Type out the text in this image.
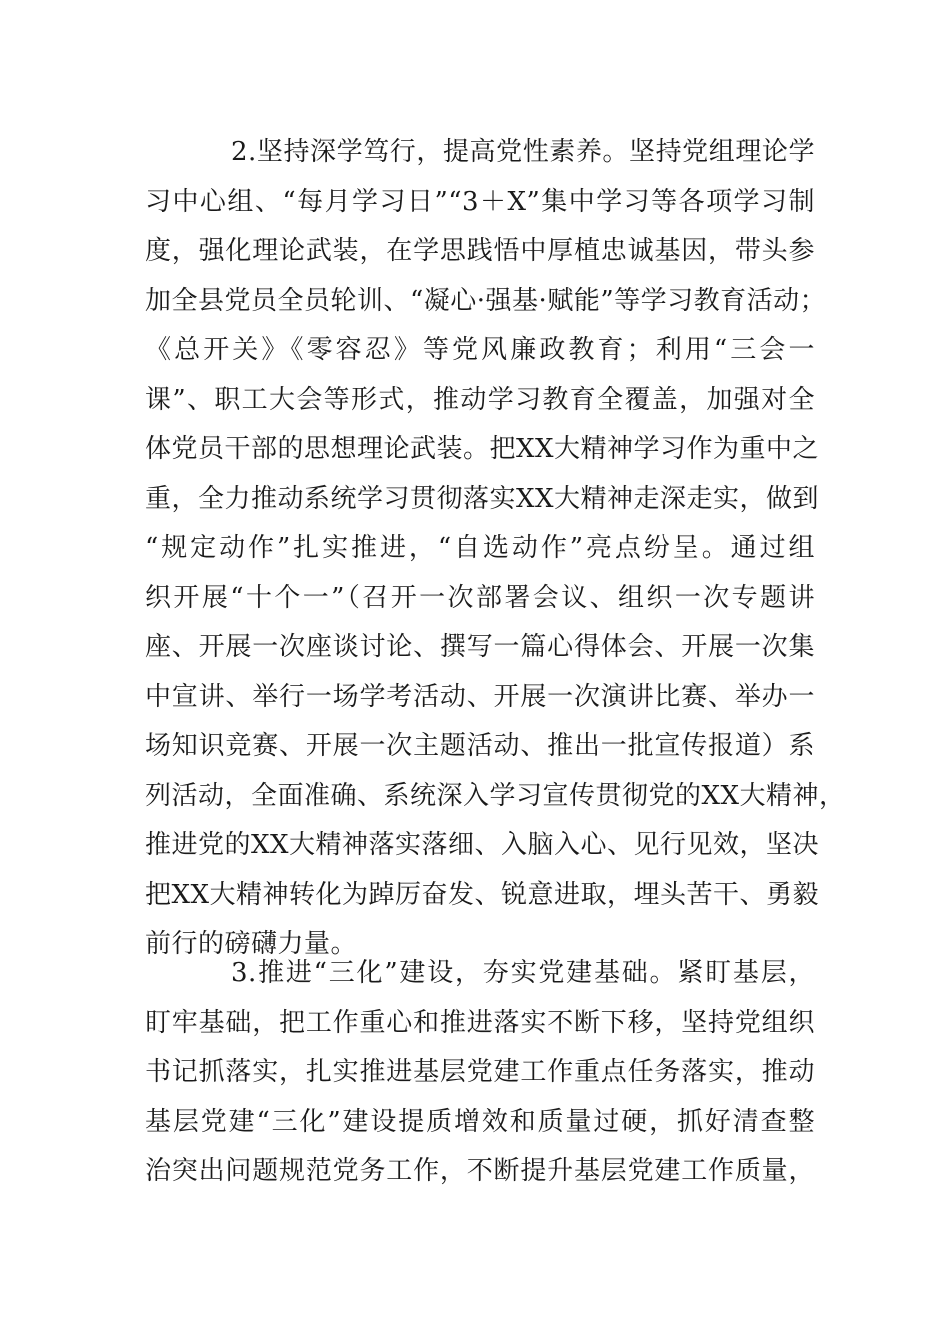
2.坚持深学笃行，提高党性素养。坚持党组理论学
习中心组、“每月学习日”“3＋X”集中学习等各项学习制
度，强化理论武装，在学思践悟中厚植忠诚基因，带头参
加全县党员全员轮训、“凝心·强基·赋能”等学习教育活动；
《总开关》《零容忍》等党风廉政教育；利用“三会一
课”、职工大会等形式，推动学习教育全覆盖，加强对全
体党员干部的思想理论武装。把XX大精神学习作为重中之
重，全力推动系统学习贯彻落实XX大精神走深走实，做到
“规定动作”扎实推进，“自选动作”亮点纷呈。通过组
织开展“十个一”（召开一次部署会议、组织一次专题讲
座、开展一次座谈讨论、撰写一篇心得体会、开展一次集
中宣讲、举行一场学考活动、开展一次演讲比赛、举办一
场知识竞赛、开展一次主题活动、推出一批宣传报道）系
列活动，全面准确、系统深入学习宣传贯彻党的XX大精神，
推进党的XX大精神落实落细、入脑入心、见行见效，坚决
把XX大精神转化为踔厉奋发、锐意进取，埋头苦干、勇毅
前行的磅礴力量。
3.推进“三化”建设，夯实党建基础。紧盯基层，
盯牢基础，把工作重心和推进落实不断下移，坚持党组织
书记抓落实，扎实推进基层党建工作重点任务落实，推动
基层党建“三化”建设提质增效和质量过硬，抓好清查整
治突出问题规范党务工作，不断提升基层党建工作质量，
